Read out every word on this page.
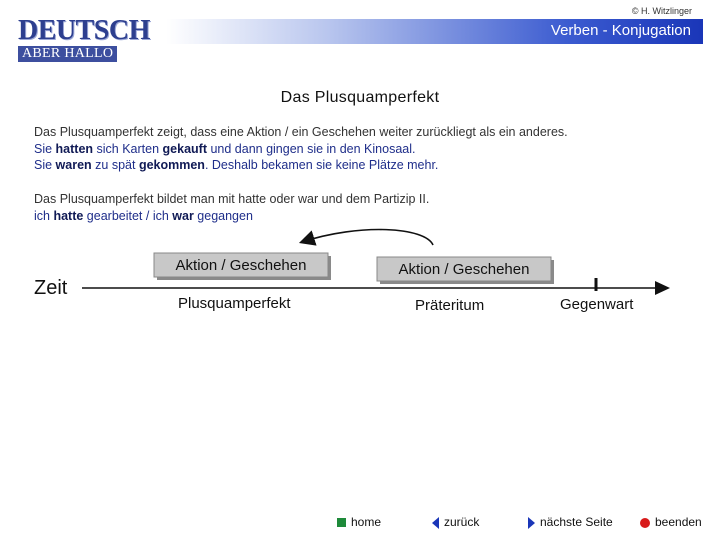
© H. Witzlinger
DEUTSCH
ABER HALLO
Verben - Konjugation
Das Plusquamperfekt
Das Plusquamperfekt zeigt, dass eine Aktion / ein Geschehen weiter zurückliegt als ein anderes.
Sie hatten sich Karten gekauft und dann gingen sie in den Kinosaal.
Sie waren zu spät gekommen. Deshalb bekamen sie keine Plätze mehr.
Das Plusquamperfekt bildet man mit hatte oder war und dem Partizip II.
ich hatte gearbeitet / ich war gegangen
Aktion / Geschehen	Aktion / Geschehen
Zeit
Plusquamperfekt	Präteritum	Gegenwart
home	zurück	nächste Seite	beenden
